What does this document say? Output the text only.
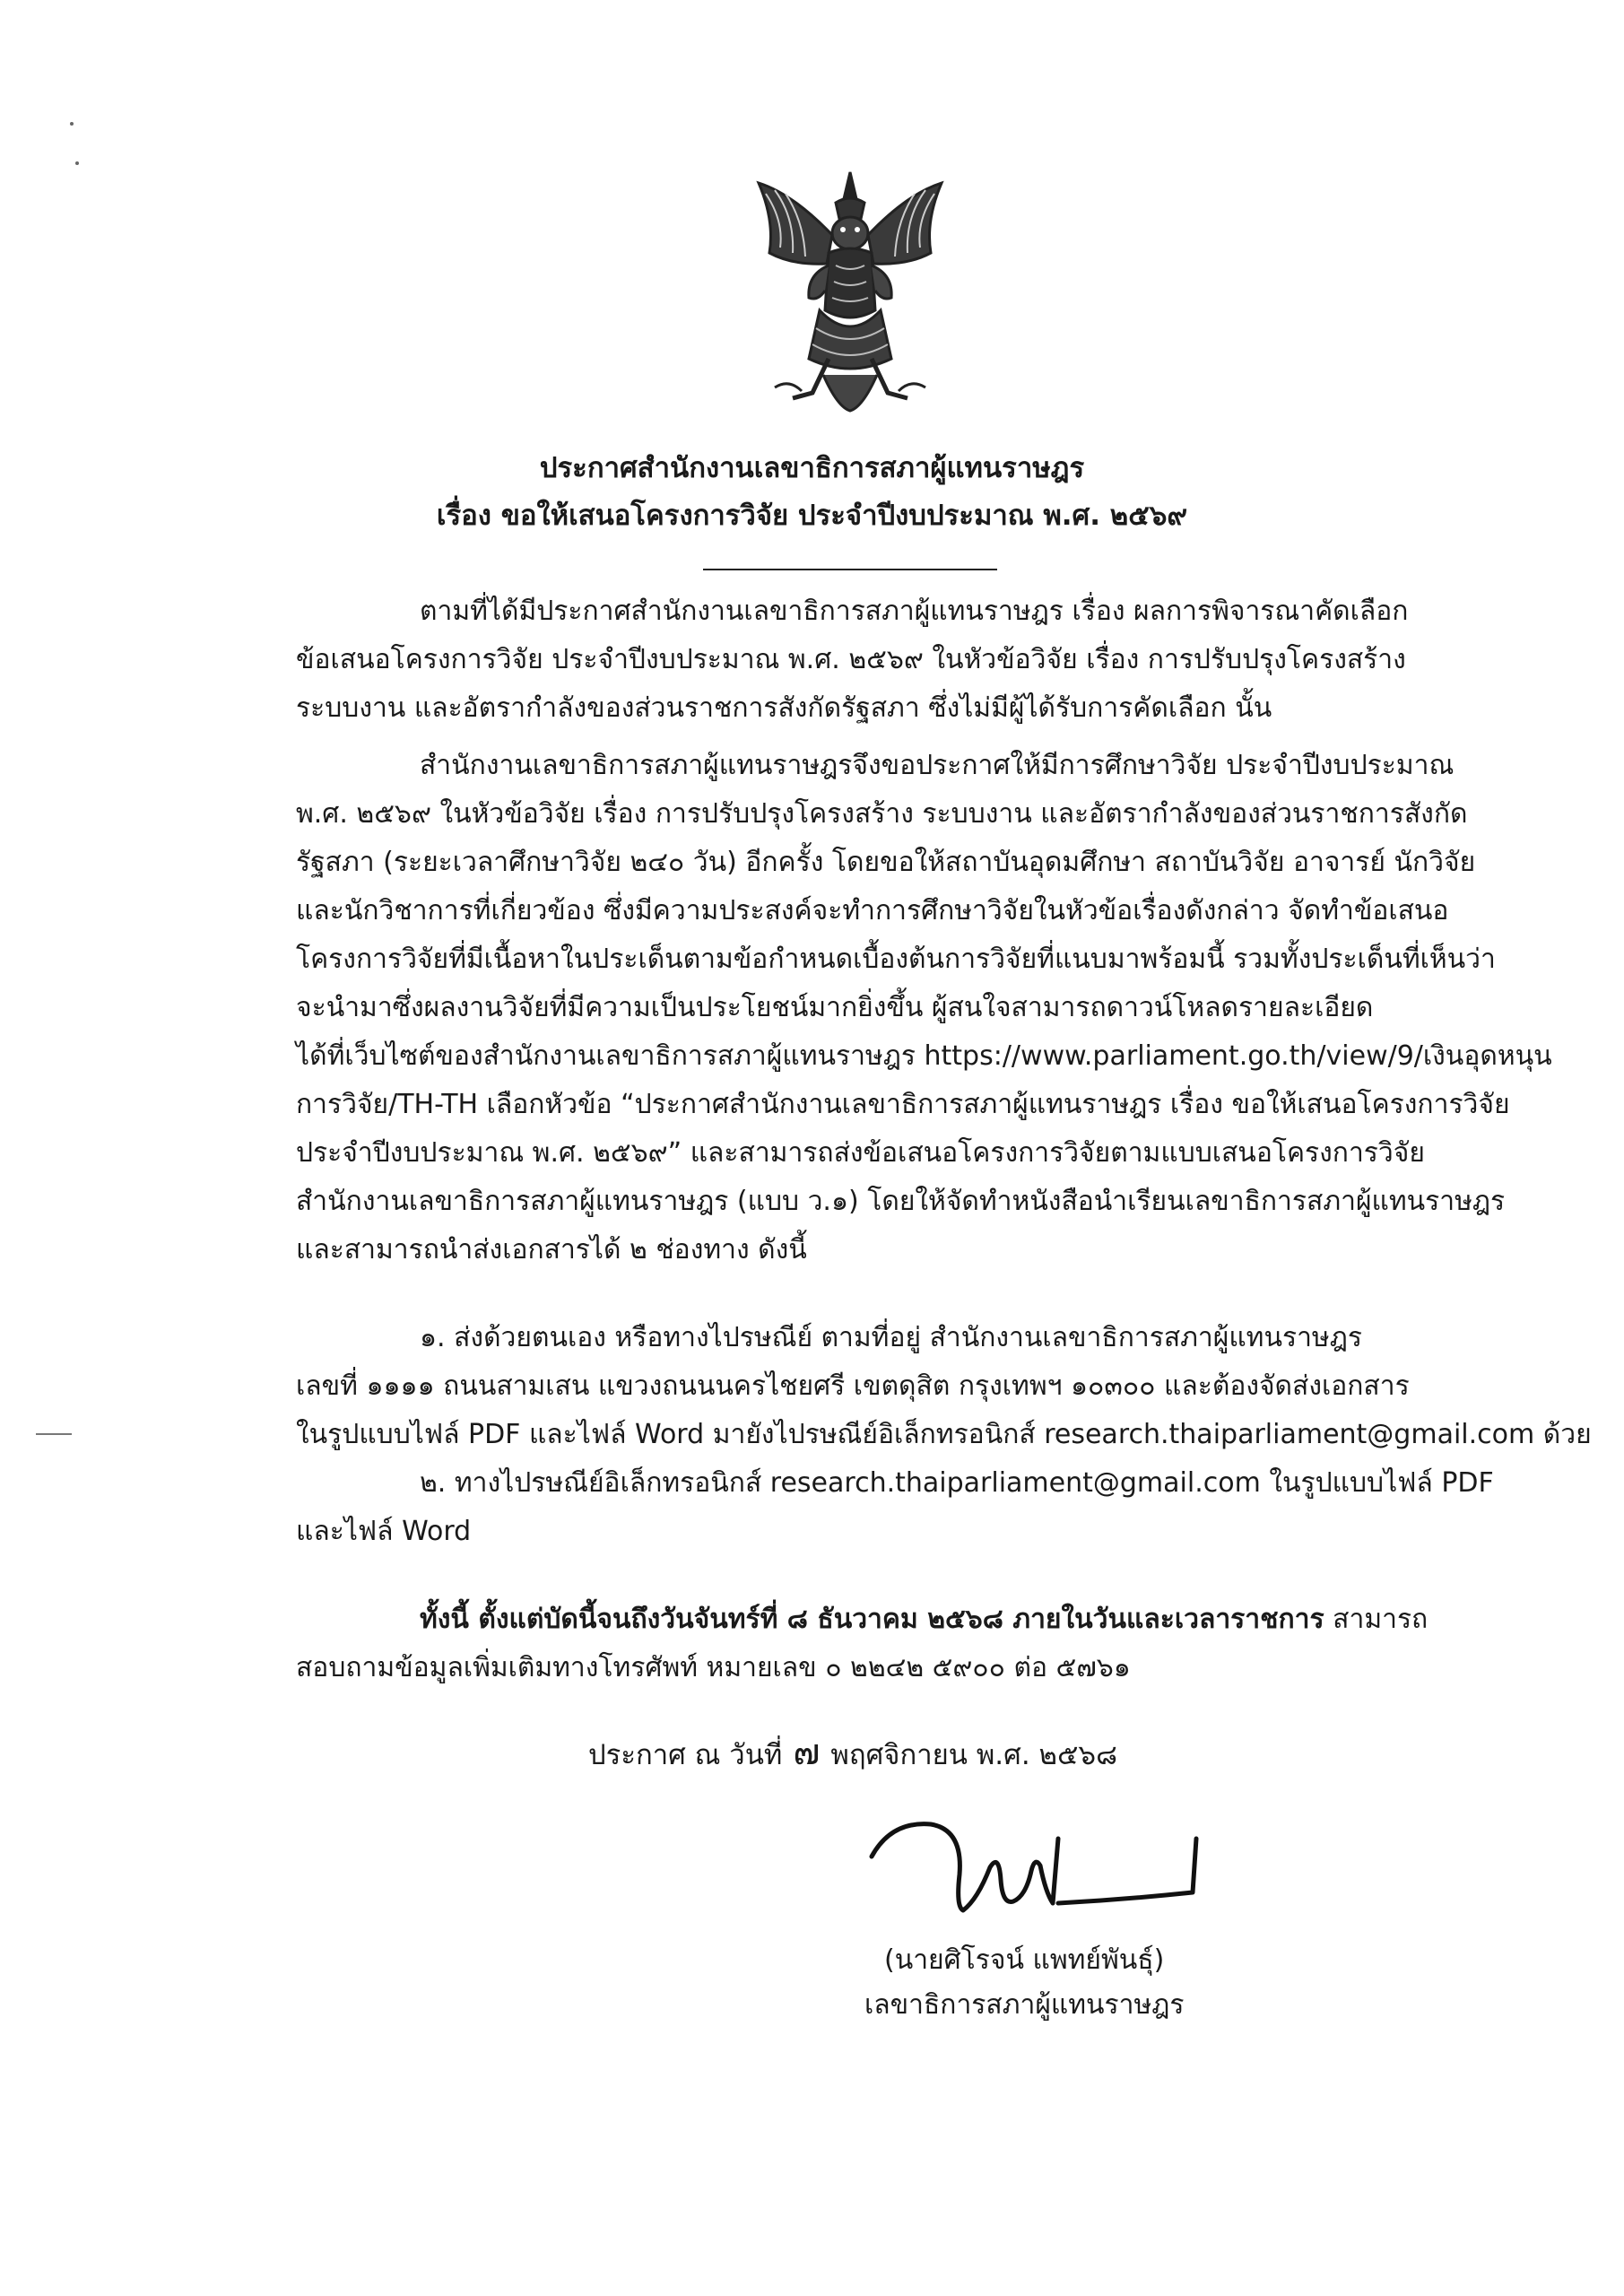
ประกาศสำนักงานเลขาธิการสภาผู้แทนราษฎร
เรื่อง ขอให้เสนอโครงการวิจัย ประจำปีงบประมาณ พ.ศ. ๒๕๖๙
ตามที่ได้มีประกาศสำนักงานเลขาธิการสภาผู้แทนราษฎร เรื่อง ผลการพิจารณาคัดเลือก
ข้อเสนอโครงการวิจัย ประจำปีงบประมาณ พ.ศ. ๒๕๖๙ ในหัวข้อวิจัย เรื่อง การปรับปรุงโครงสร้าง
ระบบงาน และอัตรากำลังของส่วนราชการสังกัดรัฐสภา ซึ่งไม่มีผู้ได้รับการคัดเลือก นั้น
สำนักงานเลขาธิการสภาผู้แทนราษฎรจึงขอประกาศให้มีการศึกษาวิจัย ประจำปีงบประมาณ
พ.ศ. ๒๕๖๙ ในหัวข้อวิจัย เรื่อง การปรับปรุงโครงสร้าง ระบบงาน และอัตรากำลังของส่วนราชการสังกัด
รัฐสภา (ระยะเวลาศึกษาวิจัย ๒๔๐ วัน) อีกครั้ง โดยขอให้สถาบันอุดมศึกษา สถาบันวิจัย อาจารย์ นักวิจัย
และนักวิชาการที่เกี่ยวข้อง ซึ่งมีความประสงค์จะทำการศึกษาวิจัยในหัวข้อเรื่องดังกล่าว จัดทำข้อเสนอ
โครงการวิจัยที่มีเนื้อหาในประเด็นตามข้อกำหนดเบื้องต้นการวิจัยที่แนบมาพร้อมนี้ รวมทั้งประเด็นที่เห็นว่า
จะนำมาซึ่งผลงานวิจัยที่มีความเป็นประโยชน์มากยิ่งขึ้น ผู้สนใจสามารถดาวน์โหลดรายละเอียด
ได้ที่เว็บไซต์ของสำนักงานเลขาธิการสภาผู้แทนราษฎร https://www.parliament.go.th/view/9/เงินอุดหนุน
การวิจัย/TH-TH เลือกหัวข้อ “ประกาศสำนักงานเลขาธิการสภาผู้แทนราษฎร เรื่อง ขอให้เสนอโครงการวิจัย
ประจำปีงบประมาณ พ.ศ. ๒๕๖๙” และสามารถส่งข้อเสนอโครงการวิจัยตามแบบเสนอโครงการวิจัย
สำนักงานเลขาธิการสภาผู้แทนราษฎร (แบบ ว.๑) โดยให้จัดทำหนังสือนำเรียนเลขาธิการสภาผู้แทนราษฎร
และสามารถนำส่งเอกสารได้ ๒ ช่องทาง ดังนี้
๑. ส่งด้วยตนเอง หรือทางไปรษณีย์ ตามที่อยู่ สำนักงานเลขาธิการสภาผู้แทนราษฎร
เลขที่ ๑๑๑๑ ถนนสามเสน แขวงถนนนครไชยศรี เขตดุสิต กรุงเทพฯ ๑๐๓๐๐ และต้องจัดส่งเอกสาร
ในรูปแบบไฟล์ PDF และไฟล์ Word มายังไปรษณีย์อิเล็กทรอนิกส์ research.thaiparliament@gmail.com ด้วย
๒. ทางไปรษณีย์อิเล็กทรอนิกส์ research.thaiparliament@gmail.com ในรูปแบบไฟล์ PDF
และไฟล์ Word
ทั้งนี้ ตั้งแต่บัดนี้จนถึงวันจันทร์ที่ ๘ ธันวาคม ๒๕๖๘ ภายในวันและเวลาราชการ สามารถ
สอบถามข้อมูลเพิ่มเติมทางโทรศัพท์ หมายเลข ๐ ๒๒๔๒ ๕๙๐๐ ต่อ ๕๗๖๑
ประกาศ ณ วันที่ ๗ พฤศจิกายน พ.ศ. ๒๕๖๘
(นายศิโรจน์ แพทย์พันธุ์)
เลขาธิการสภาผู้แทนราษฎร
